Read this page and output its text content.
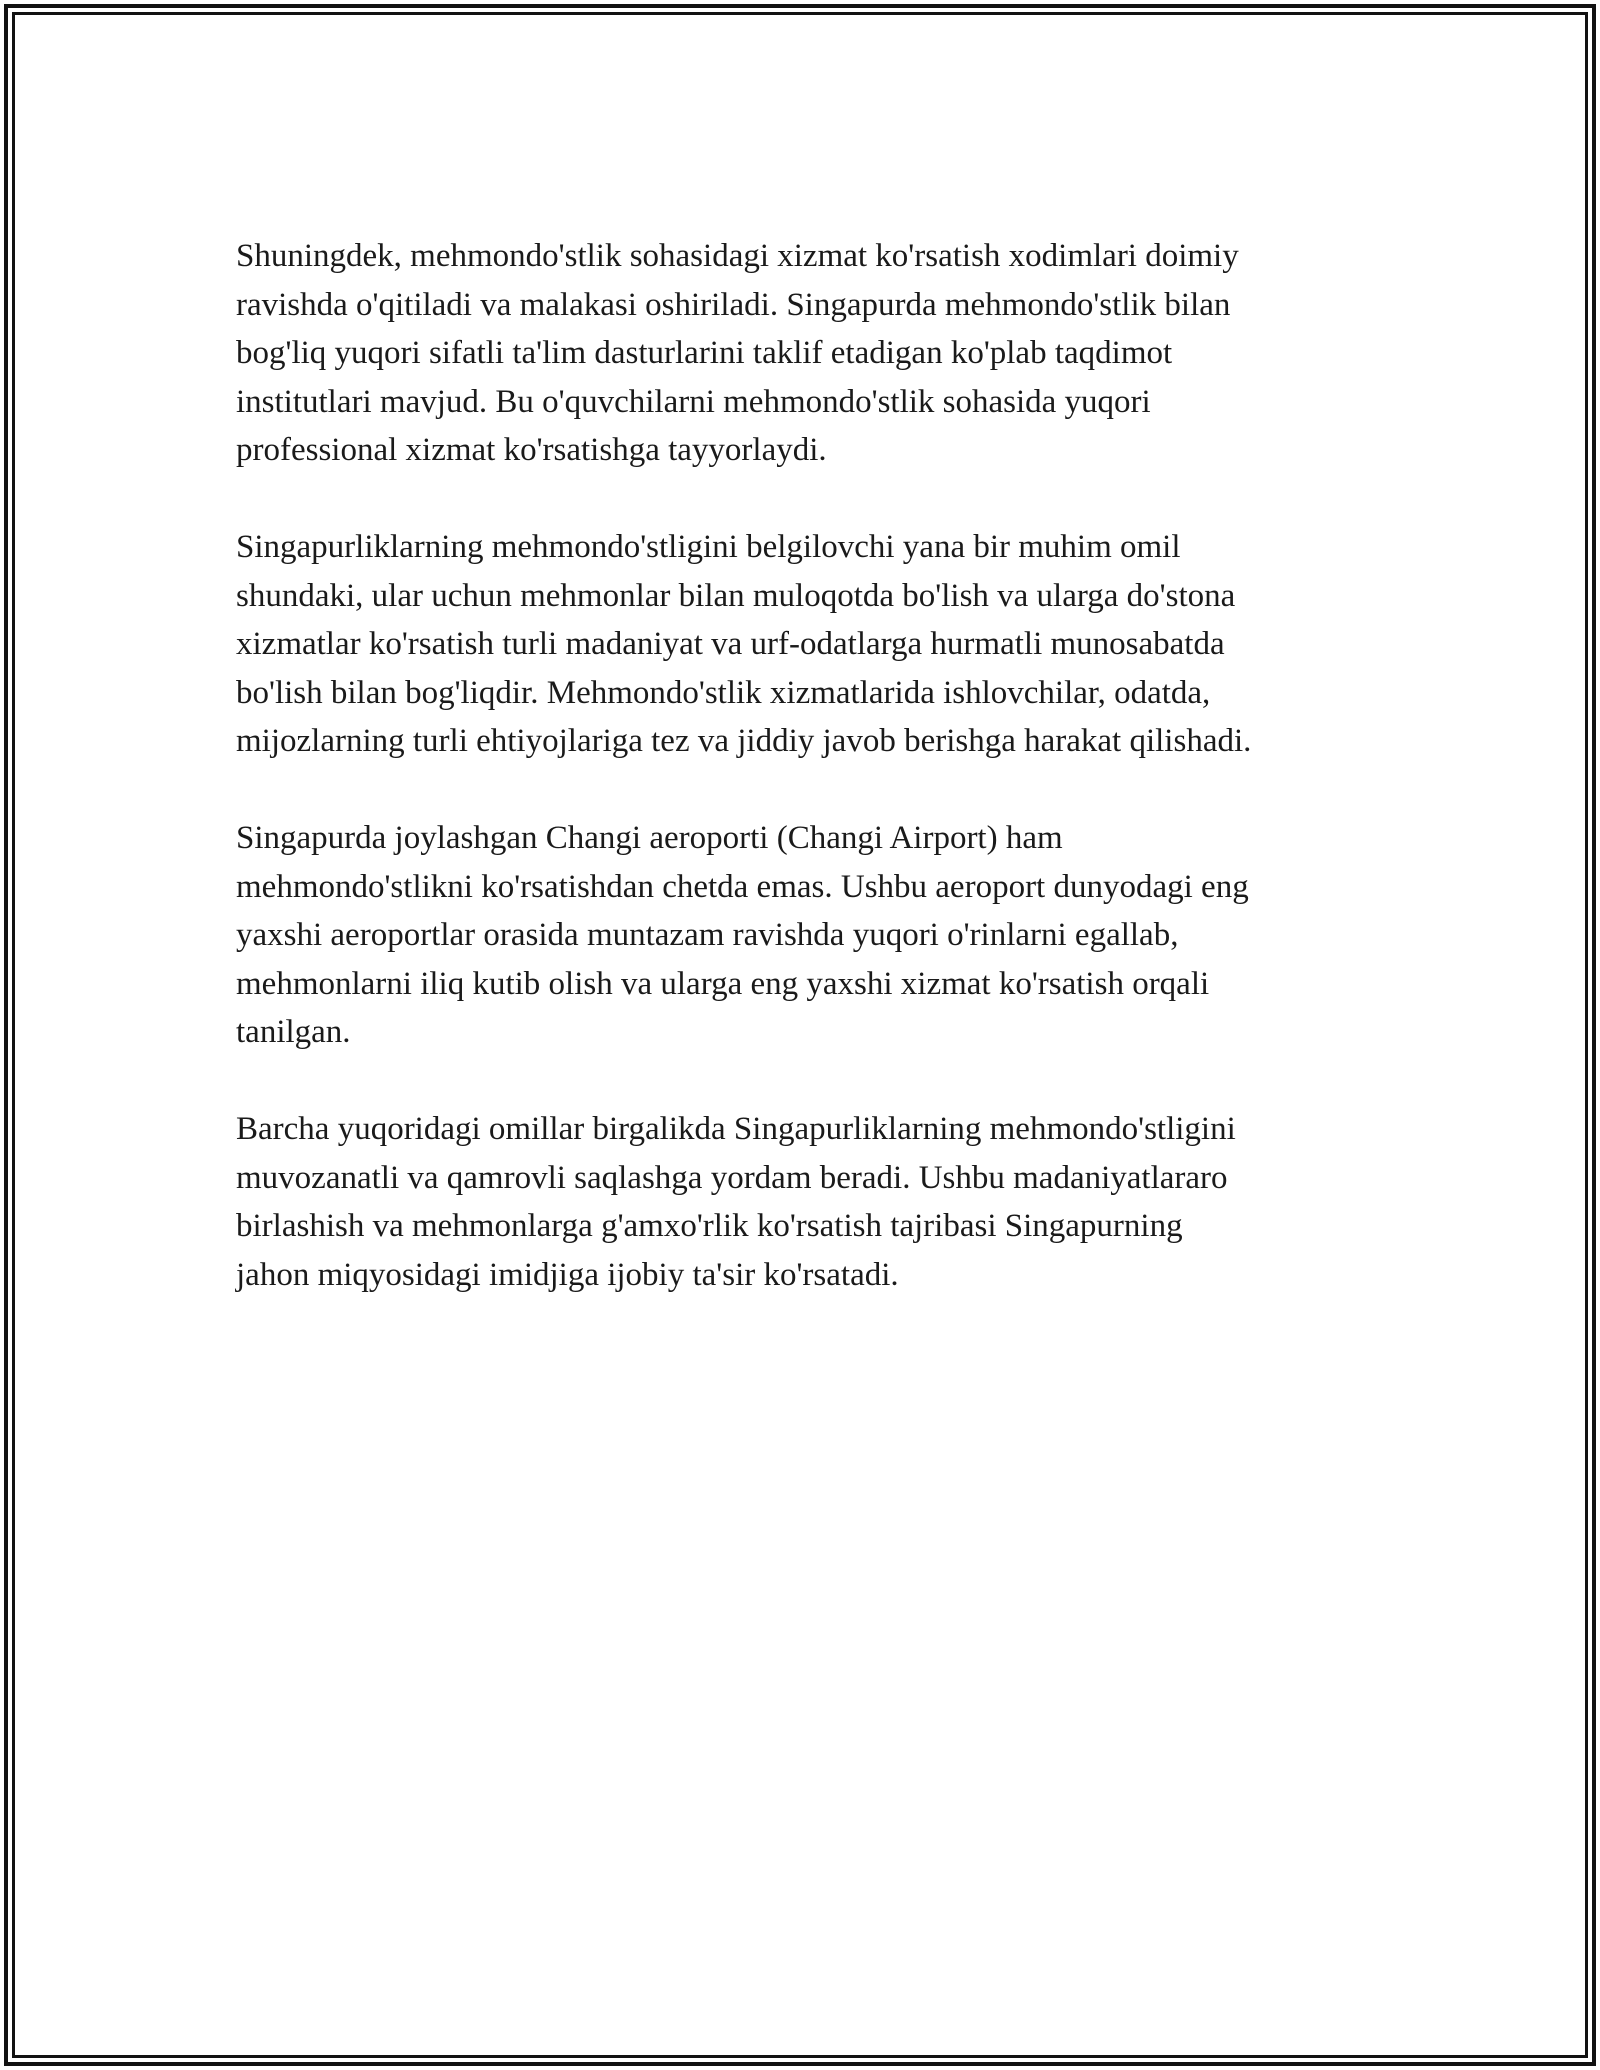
Shuningdek, mehmondo'stlik sohasidagi xizmat ko'rsatish xodimlari doimiy
ravishda o'qitiladi va malakasi oshiriladi. Singapurda mehmondo'stlik bilan
bog'liq yuqori sifatli ta'lim dasturlarini taklif etadigan ko'plab taqdimot
institutlari mavjud. Bu o'quvchilarni mehmondo'stlik sohasida yuqori
professional xizmat ko'rsatishga tayyorlaydi.

Singapurliklarning mehmondo'stligini belgilovchi yana bir muhim omil
shundaki, ular uchun mehmonlar bilan muloqotda bo'lish va ularga do'stona
xizmatlar ko'rsatish turli madaniyat va urf-odatlarga hurmatli munosabatda
bo'lish bilan bog'liqdir. Mehmondo'stlik xizmatlarida ishlovchilar, odatda,
mijozlarning turli ehtiyojlariga tez va jiddiy javob berishga harakat qilishadi.

Singapurda joylashgan Changi aeroporti (Changi Airport) ham
mehmondo'stlikni ko'rsatishdan chetda emas. Ushbu aeroport dunyodagi eng
yaxshi aeroportlar orasida muntazam ravishda yuqori o'rinlarni egallab,
mehmonlarni iliq kutib olish va ularga eng yaxshi xizmat ko'rsatish orqali
tanilgan.

Barcha yuqoridagi omillar birgalikda Singapurliklarning mehmondo'stligini
muvozanatli va qamrovli saqlashga yordam beradi. Ushbu madaniyatlararo
birlashish va mehmonlarga g'amxo'rlik ko'rsatish tajribasi Singapurning
jahon miqyosidagi imidjiga ijobiy ta'sir ko'rsatadi.
